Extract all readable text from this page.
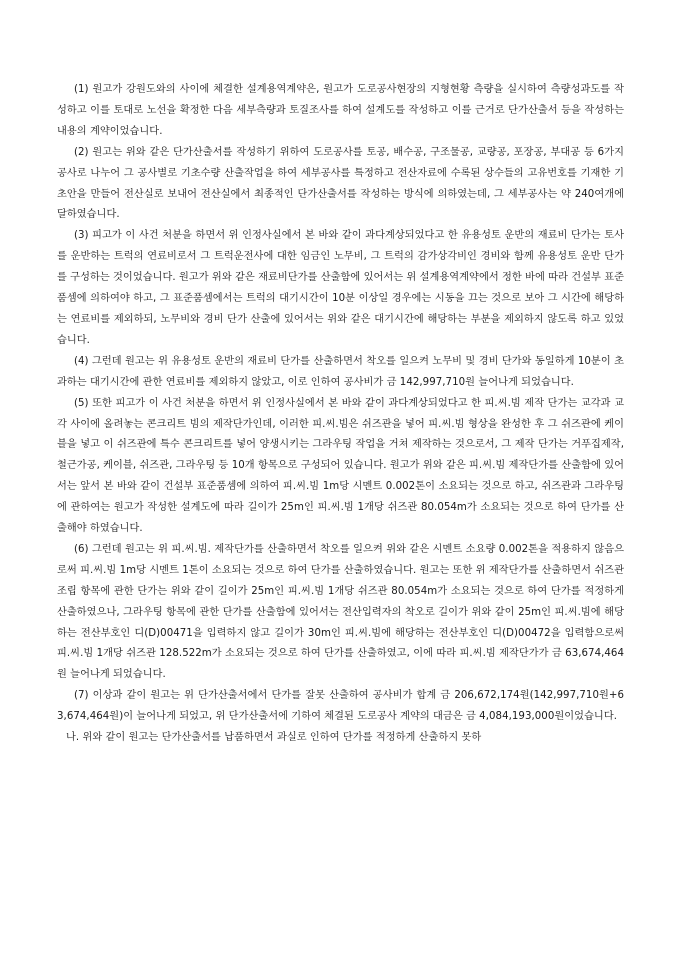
(1) 원고가 강원도와의 사이에 체결한 설계용역계약은, 원고가 도로공사현장의 지형현황 측량을 실시하여 측량성과도를 작성하고 이를 토대로 노선을 확정한 다음 세부측량과 토질조사를 하여 설계도를 작성하고 이를 근거로 단가산출서 등을 작성하는 내용의 계약이었습니다.

(2) 원고는 위와 같은 단가산출서를 작성하기 위하여 도로공사를 토공, 배수공, 구조물공, 교량공, 포장공, 부대공 등 6가지 공사로 나누어 그 공사별로 기초수량 산출작업을 하여 세부공사를 특정하고 전산자료에 수록된 상수들의 고유번호를 기재한 기초안을 만들어 전산실로 보내어 전산실에서 최종적인 단가산출서를 작성하는 방식에 의하였는데, 그 세부공사는 약 240여개에 달하였습니다.

(3) 피고가 이 사건 처분을 하면서 위 인정사실에서 본 바와 같이 과다계상되었다고 한 유용성토 운반의 재료비 단가는 토사를 운반하는 트럭의 연료비로서 그 트럭운전사에 대한 임금인 노무비, 그 트럭의 감가상각비인 경비와 함께 유용성토 운반 단가를 구성하는 것이었습니다. 원고가 위와 같은 재료비단가를 산출함에 있어서는 위 설계용역계약에서 정한 바에 따라 건설부 표준품셈에 의하여야 하고, 그 표준품셈에서는 트럭의 대기시간이 10분 이상일 경우에는 시동을 끄는 것으로 보아 그 시간에 해당하는 연료비를 제외하되, 노무비와 경비 단가 산출에 있어서는 위와 같은 대기시간에 해당하는 부분을 제외하지 않도록 하고 있었습니다.

(4) 그런데 원고는 위 유용성토 운반의 재료비 단가를 산출하면서 착오를 일으켜 노무비 및 경비 단가와 동일하게 10분이 초과하는 대기시간에 관한 연료비를 제외하지 않았고, 이로 인하여 공사비가 금 142,997,710원 늘어나게 되었습니다.

(5) 또한 피고가 이 사건 처분을 하면서 위 인정사실에서 본 바와 같이 과다계상되었다고 한 피.씨.빔 제작 단가는 교각과 교각 사이에 올려놓는 콘크리트 빔의 제작단가인데, 이러한 피.씨.빔은 쉬즈관을 넣어 피.씨.빔 형상을 완성한 후 그 쉬즈관에 케이블을 넣고 이 쉬즈관에 특수 콘크리트를 넣어 양생시키는 그라우팅 작업을 거쳐 제작하는 것으로서, 그 제작 단가는 거푸집제작, 철근가공, 케이블, 쉬즈관, 그라우팅 등 10개 항목으로 구성되어 있습니다. 원고가 위와 같은 피.씨.빔 제작단가를 산출함에 있어서는 앞서 본 바와 같이 건설부 표준품셈에 의하여 피.씨.빔 1m당 시멘트 0.002톤이 소요되는 것으로 하고, 쉬즈관과 그라우팅에 관하여는 원고가 작성한 설계도에 따라 길이가 25m인 피.씨.빔 1개당 쉬즈관 80.054m가 소요되는 것으로 하여 단가를 산출해야 하였습니다.

(6) 그런데 원고는 위 피.씨.빔. 제작단가를 산출하면서 착오를 일으켜 위와 같은 시멘트 소요량 0.002톤을 적용하지 않음으로써 피.씨.빔 1m당 시멘트 1톤이 소요되는 것으로 하여 단가를 산출하였습니다. 원고는 또한 위 제작단가를 산출하면서 쉬즈관 조립 항목에 관한 단가는 위와 같이 길이가 25m인 피.씨.빔 1개당 쉬즈관 80.054m가 소요되는 것으로 하여 단가를 적정하게 산출하였으나, 그라우팅 항목에 관한 단가를 산출함에 있어서는 전산입력자의 착오로 길이가 위와 같이 25m인 피.씨.빔에 해당하는 전산부호인 디(D)00471을 입력하지 않고 길이가 30m인 피.씨.빔에 해당하는 전산부호인 디(D)00472을 입력함으로써 피.씨.빔 1개당 쉬즈관 128.522m가 소요되는 것으로 하여 단가를 산출하였고, 이에 따라 피.씨.빔 제작단가가 금 63,674,464원 늘어나게 되었습니다.

(7) 이상과 같이 원고는 위 단가산출서에서 단가를 잘못 산출하여 공사비가 합계 금 206,672,174원(142,997,710원+63,674,464원)이 늘어나게 되었고, 위 단가산출서에 기하여 체결된 도로공사 계약의 대금은 금 4,084,193,000원이었습니다.

나. 위와 같이 원고는 단가산출서를 납품하면서 과실로 인하여 단가를 적정하게 산출하지 못하
